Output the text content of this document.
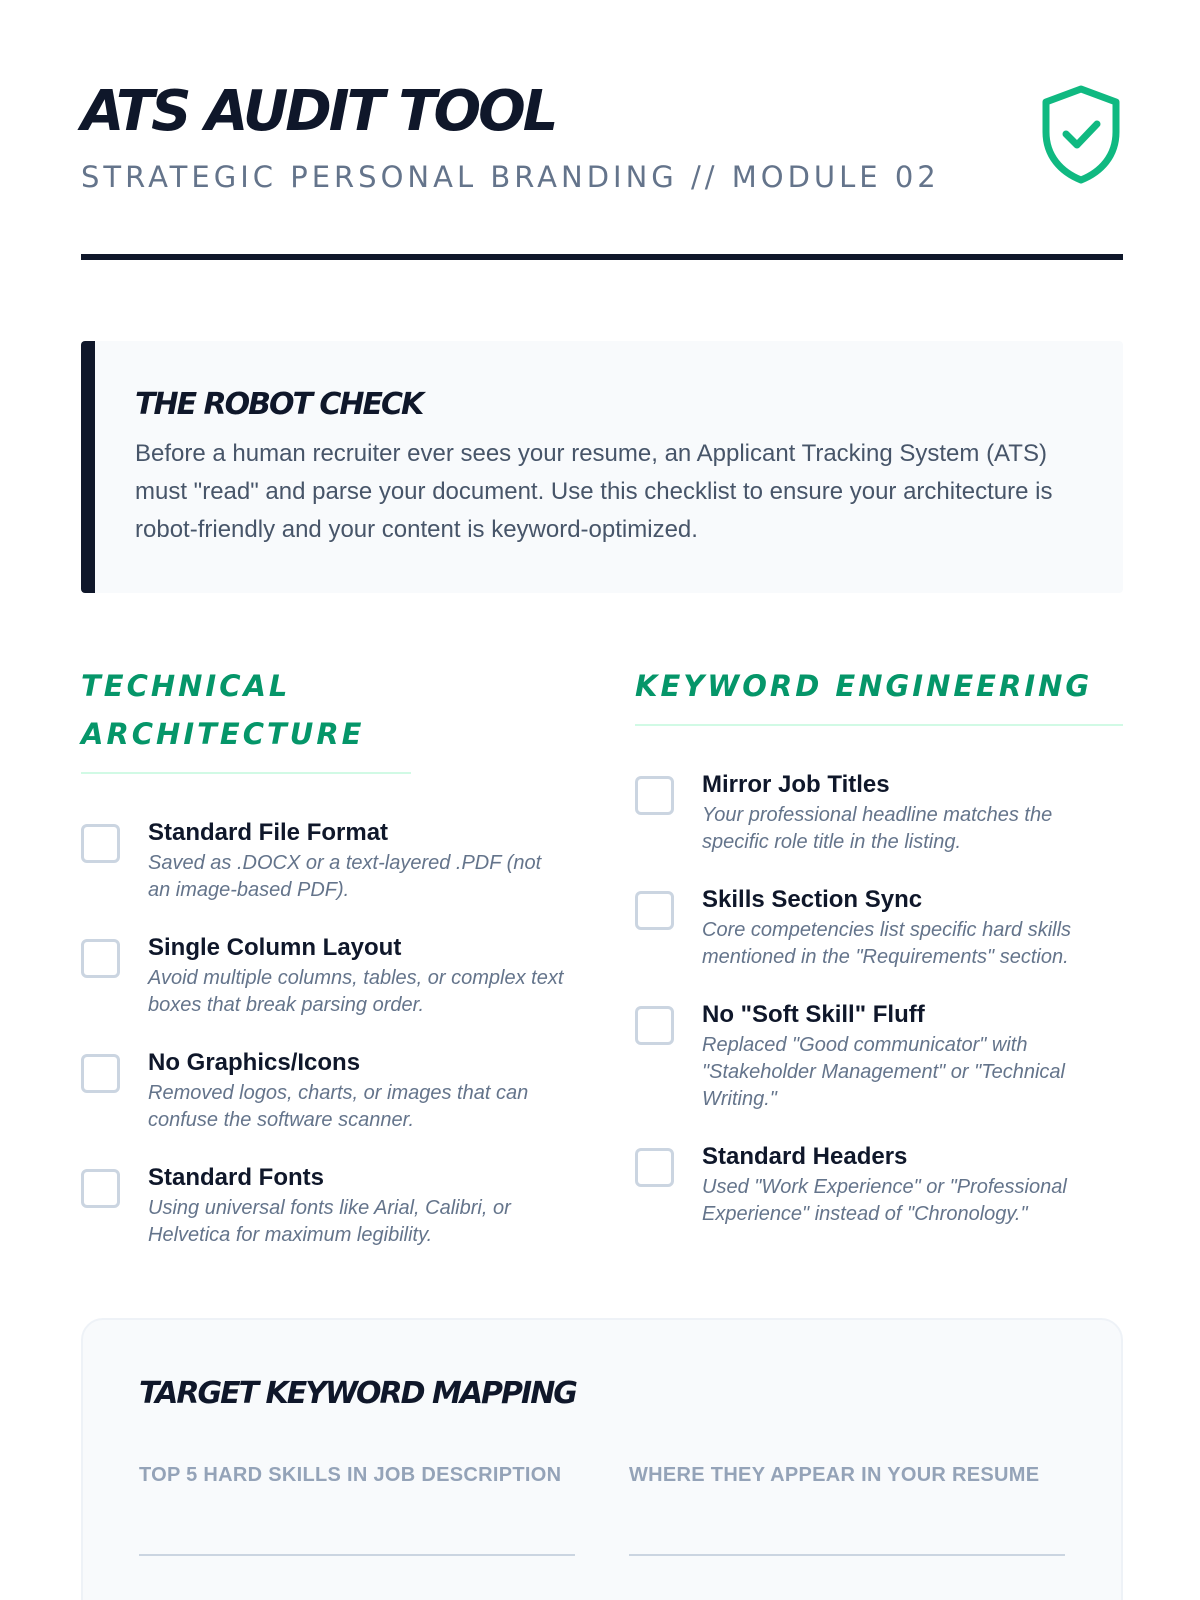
ATS AUDIT TOOL
STRATEGIC PERSONAL BRANDING // MODULE 02
THE ROBOT CHECK

Before a human recruiter ever sees your resume, an Applicant Tracking System (ATS) must "read" and parse your document. Use this checklist to ensure your architecture is robot-friendly and your content is keyword-optimized.

TECHNICAL ARCHITECTURE
Standard File Format
Saved as .DOCX or a text-layered .PDF (not an image-based PDF).
Single Column Layout
Avoid multiple columns, tables, or complex text boxes that break parsing order.
No Graphics/Icons
Removed logos, charts, or images that can confuse the software scanner.
Standard Fonts
Using universal fonts like Arial, Calibri, or Helvetica for maximum legibility.
KEYWORD ENGINEERING
Mirror Job Titles
Your professional headline matches the specific role title in the listing.
Skills Section Sync
Core competencies list specific hard skills mentioned in the "Requirements" section.
No "Soft Skill" Fluff
Replaced "Good communicator" with "Stakeholder Management" or "Technical Writing."
Standard Headers
Used "Work Experience" or "Professional Experience" instead of "Chronology."
TARGET KEYWORD MAPPING
TOP 5 HARD SKILLS IN JOB DESCRIPTION	WHERE THEY APPEAR IN YOUR RESUME
